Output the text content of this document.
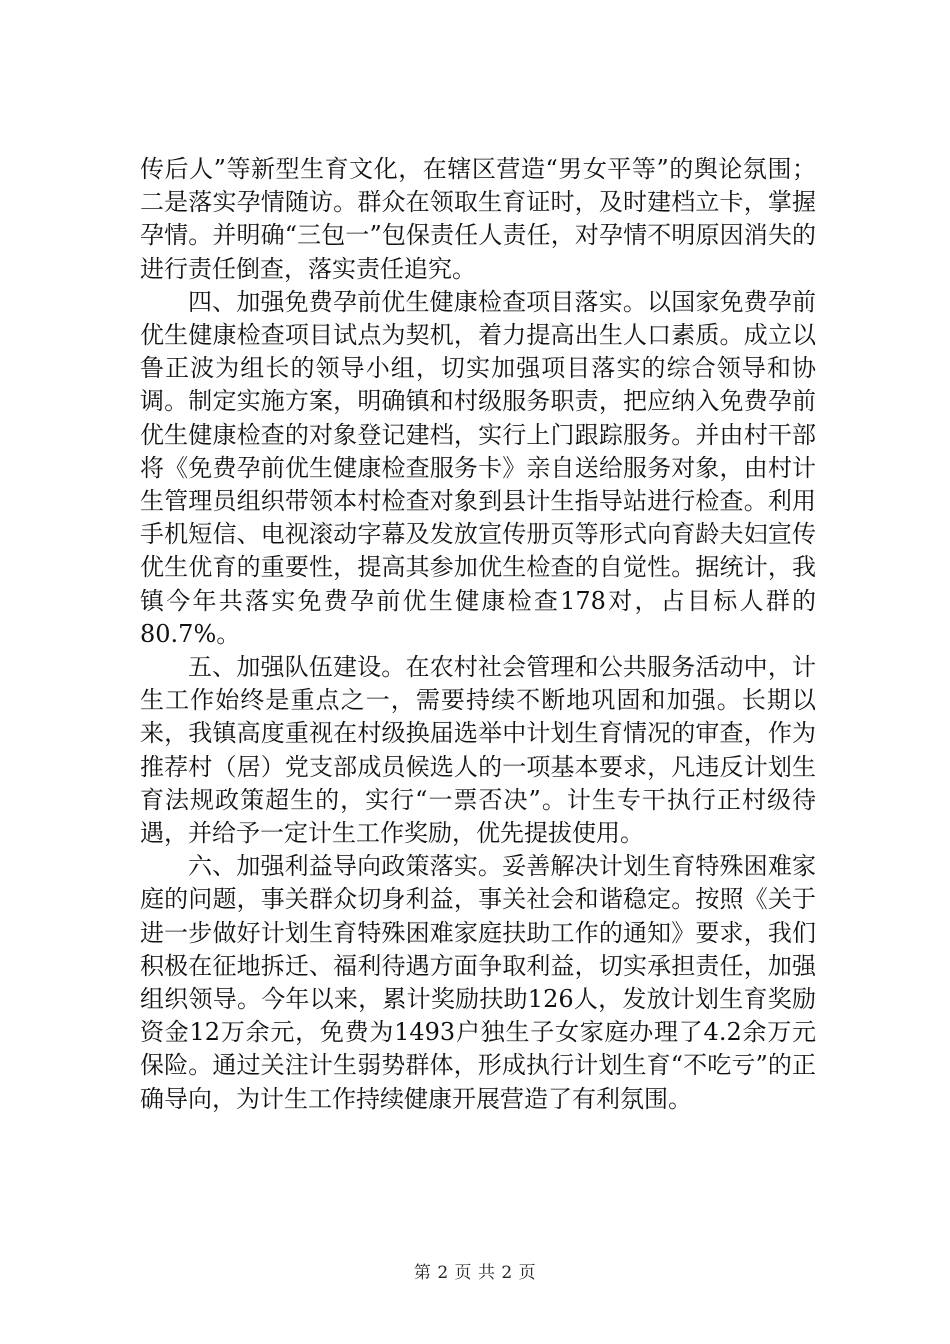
传后人”等新型生育文化，在辖区营造“男女平等”的舆论氛围；二是落实孕情随访。群众在领取生育证时，及时建档立卡，掌握孕情。并明确“三包一”包保责任人责任，对孕情不明原因消失的进行责任倒查，落实责任追究。

四、加强免费孕前优生健康检查项目落实。以国家免费孕前优生健康检查项目试点为契机，着力提高出生人口素质。成立以鲁正波为组长的领导小组，切实加强项目落实的综合领导和协调。制定实施方案，明确镇和村级服务职责，把应纳入免费孕前优生健康检查的对象登记建档，实行上门跟踪服务。并由村干部将《免费孕前优生健康检查服务卡》亲自送给服务对象，由村计生管理员组织带领本村检查对象到县计生指导站进行检查。利用手机短信、电视滚动字幕及发放宣传册页等形式向育龄夫妇宣传优生优育的重要性，提高其参加优生检查的自觉性。据统计，我镇今年共落实免费孕前优生健康检查178对，占目标人群的80.7%。

五、加强队伍建设。在农村社会管理和公共服务活动中，计生工作始终是重点之一，需要持续不断地巩固和加强。长期以来，我镇高度重视在村级换届选举中计划生育情况的审查，作为推荐村（居）党支部成员候选人的一项基本要求，凡违反计划生育法规政策超生的，实行“一票否决”。计生专干执行正村级待遇，并给予一定计生工作奖励，优先提拔使用。

六、加强利益导向政策落实。妥善解决计划生育特殊困难家庭的问题，事关群众切身利益，事关社会和谐稳定。按照《关于进一步做好计划生育特殊困难家庭扶助工作的通知》要求，我们积极在征地拆迁、福利待遇方面争取利益，切实承担责任，加强组织领导。今年以来，累计奖励扶助126人，发放计划生育奖励资金12万余元，免费为1493户独生子女家庭办理了4.2余万元保险。通过关注计生弱势群体，形成执行计划生育“不吃亏”的正确导向，为计生工作持续健康开展营造了有利氛围。

第 2 页 共 2 页
